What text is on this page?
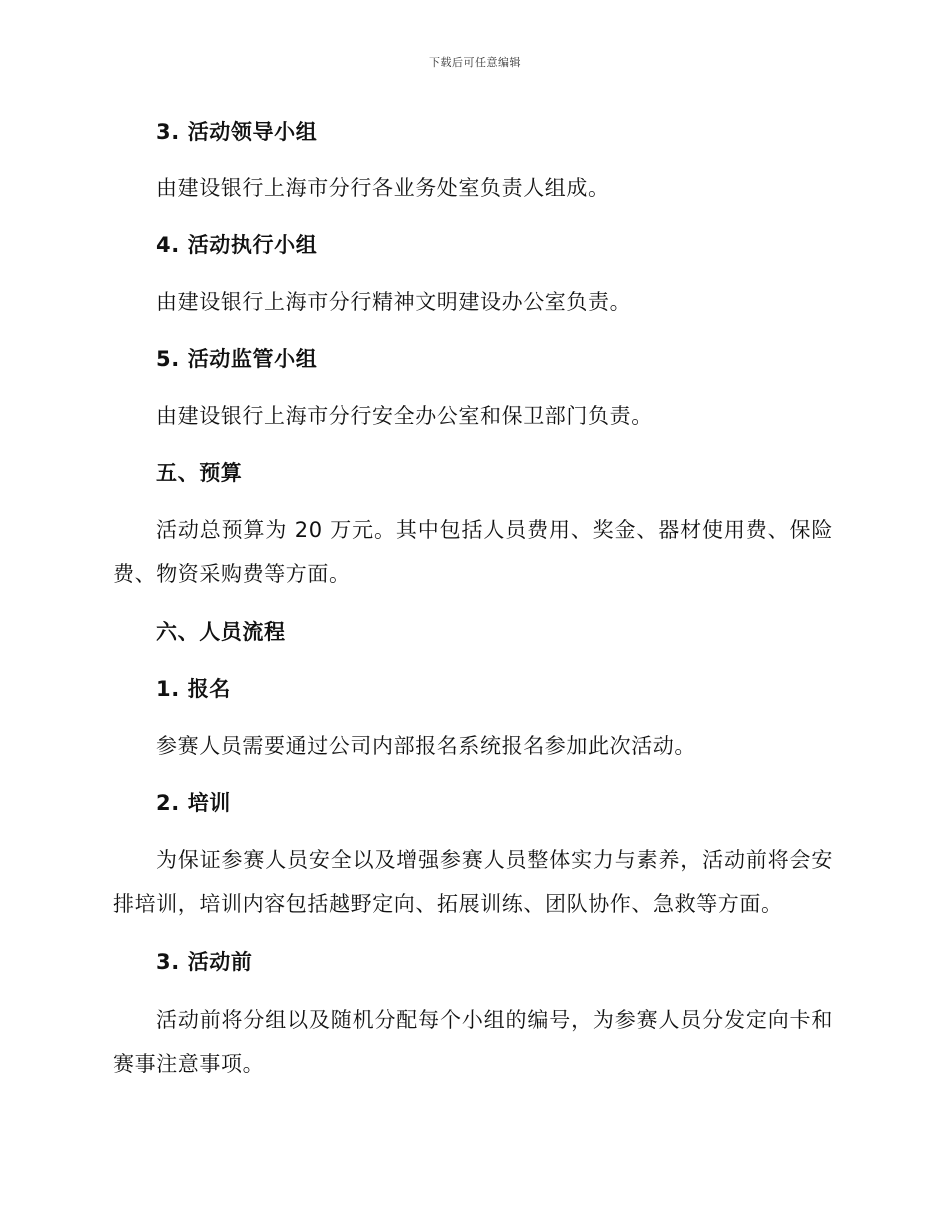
下载后可任意编辑
3. 活动领导小组
由建设银行上海市分行各业务处室负责人组成。
4. 活动执行小组
由建设银行上海市分行精神文明建设办公室负责。
5. 活动监管小组
由建设银行上海市分行安全办公室和保卫部门负责。
五、预算
活动总预算为 20 万元。其中包括人员费用、奖金、器材使用费、保险费、物资采购费等方面。
六、人员流程
1. 报名
参赛人员需要通过公司内部报名系统报名参加此次活动。
2. 培训
为保证参赛人员安全以及增强参赛人员整体实力与素养，活动前将会安排培训，培训内容包括越野定向、拓展训练、团队协作、急救等方面。
3. 活动前
活动前将分组以及随机分配每个小组的编号，为参赛人员分发定向卡和赛事注意事项。
